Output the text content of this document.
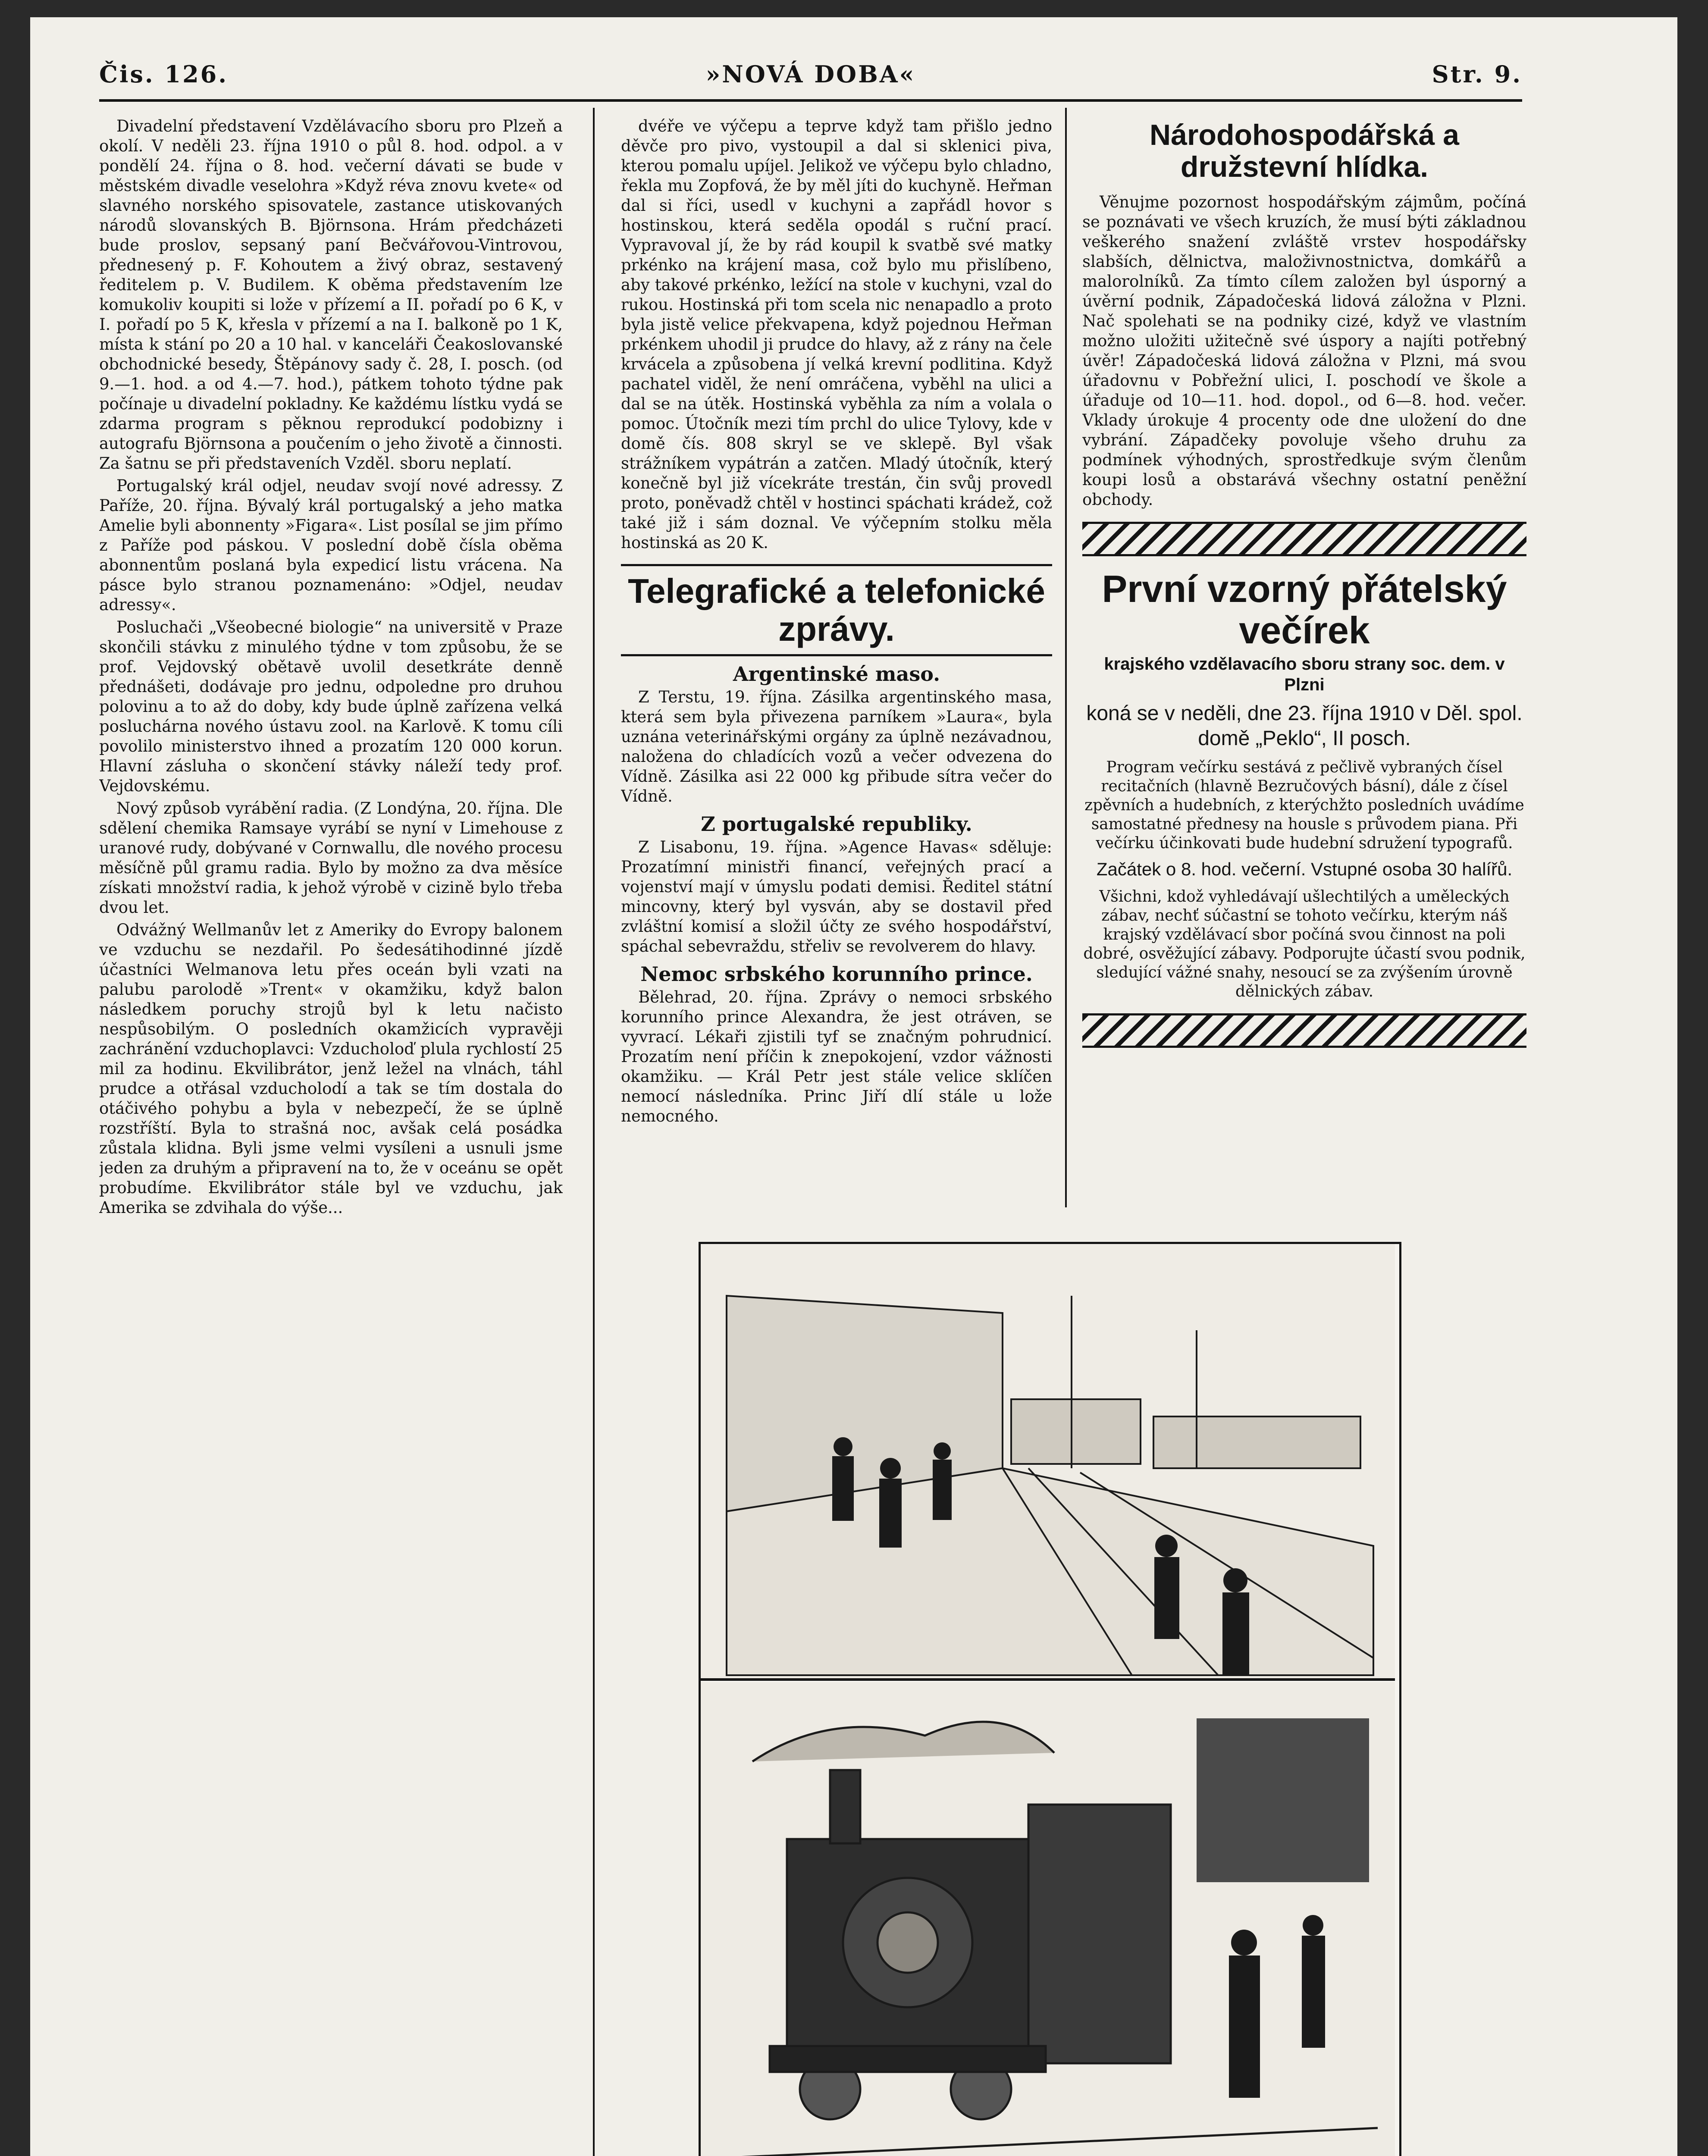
Čis. 126.	»NOVÁ DOBA«	Str. 9.

Divadelní představení Vzdělávacího sboru pro Plzeň a okolí. V neděli 23. října 1910 o půl 8. hod. odpol. a v pondělí 24. října o 8. hod. večerní dávati se bude v městském divadle veselohra »Když réva znovu kvete« od slavného norského spisovatele, zastance utiskovaných národů slovanských B. Björnsona. Hrám předcházeti bude proslov, sepsaný paní Bečvářovou-Vintrovou, přednesený p. F. Kohoutem a živý obraz, sestavený ředitelem p. V. Budilem. K oběma představením lze komukoliv koupiti si lože v přízemí a II. pořadí po 6 K, v I. pořadí po 5 K, křesla v přízemí a na I. balkoně po 1 K, místa k stání po 20 a 10 hal. v kanceláři Čeakoslovanské obchodnické besedy, Štěpánovy sady č. 28, I. posch. (od 9.—1. hod. a od 4.—7. hod.), pátkem tohoto týdne pak počínaje u divadelní pokladny. Ke každému lístku vydá se zdarma program s pěknou reprodukcí podobizny i autografu Björnsona a poučením o jeho životě a činnosti. Za šatnu se při představeních Vzděl. sboru neplatí.

Portugalský král odjel, neudav svojí nové adressy. Z Paříže, 20. října. Bývalý král portugalský a jeho matka Amelie byli abonnenty »Figara«. List posílal se jim přímo z Paříže pod páskou. V poslední době čísla oběma abonnentům poslaná byla expedicí listu vrácena. Na pásce bylo stranou poznamenáno: »Odjel, neudav adressy«.

Posluchači „Všeobecné biologie“ na universitě v Praze skončili stávku z minulého týdne v tom způsobu, že se prof. Vejdovský obětavě uvolil desetkráte denně přednášeti, dodávaje pro jednu, odpoledne pro druhou polovinu a to až do doby, kdy bude úplně zařízena velká posluchárna nového ústavu zool. na Karlově. K tomu cíli povolilo ministerstvo ihned a prozatím 120 000 korun. Hlavní zásluha o skončení stávky náleží tedy prof. Vejdovskému.

Nový způsob vyrábění radia. (Z Londýna, 20. října. Dle sdělení chemika Ramsaye vyrábí se nyní v Limehouse z uranové rudy, dobývané v Cornwallu, dle nového procesu měsíčně půl gramu radia. Bylo by možno za dva měsíce získati množství radia, k jehož výrobě v cizině bylo třeba dvou let.

Odvážný Wellmanův let z Ameriky do Evropy balonem ve vzduchu se nezdařil. Po šedesátihodinné jízdě účastníci Welmanova letu přes oceán byli vzati na palubu parolodě »Trent« v okamžiku, když balon následkem poruchy strojů byl k letu načisto nespůsobilým. O posledních okamžicích vypravěji zachránění vzduchoplavci: Vzducholoď plula rychlostí 25 mil za hodinu. Ekvilibrátor, jenž ležel na vlnách, táhl prudce a otřásal vzducholodí a tak se tím dostala do otáčivého pohybu a byla v nebezpečí, že se úplně rozstříští. Byla to strašná noc, avšak celá posádka zůstala klidna. Byli jsme velmi vysíleni a usnuli jsme jeden za druhým a připravení na to, že v oceánu se opět probudíme. Ekvilibrátor stále byl ve vzduchu, jak Amerika se zdvihala do výše...

dvéře ve výčepu a teprve když tam přišlo jedno děvče pro pivo, vystoupil a dal si sklenici piva, kterou pomalu upíjel. Jelikož ve výčepu bylo chladno, řekla mu Zopfová, že by měl jíti do kuchyně. Heřman dal si říci, usedl v kuchyni a zapřádl hovor s hostinskou, která seděla opodál s ruční prací. Vypravoval jí, že by rád koupil k svatbě své matky prkénko na krájení masa, což bylo mu přislíbeno, aby takové prkénko, ležící na stole v kuchyni, vzal do rukou. Hostinská při tom scela nic nenapadlo a proto byla jistě velice překvapena, když pojednou Heřman prkénkem uhodil ji prudce do hlavy, až z rány na čele krvácela a způsobena jí velká krevní podlitina. Když pachatel viděl, že není omráčena, vyběhl na ulici a dal se na útěk. Hostinská vyběhla za ním a volala o pomoc. Útočník mezi tím prchl do ulice Tylovy, kde v domě čís. 808 skryl se ve sklepě. Byl však strážníkem vypátrán a zatčen. Mladý útočník, který konečně byl již vícekráte trestán, čin svůj provedl proto, poněvadž chtěl v hostinci spáchati krádež, což také již i sám doznal. Ve výčepním stolku měla hostinská as 20 K.

Telegrafické a telefonické zprávy.
Argentinské maso.

Z Terstu, 19. října. Zásilka argentinského masa, která sem byla přivezena parníkem »Laura«, byla uznána veterinářskými orgány za úplně nezávadnou, naložena do chladících vozů a večer odvezena do Vídně. Zásilka asi 22 000 kg přibude sítra večer do Vídně.

Z portugalské republiky.

Z Lisabonu, 19. října. »Agence Havas« sděluje: Prozatímní ministři financí, veřejných prací a vojenství mají v úmyslu podati demisi. Ředitel státní mincovny, který byl vysván, aby se dostavil před zvláštní komisí a složil účty ze svého hospodářství, spáchal sebevraždu, střeliv se revolverem do hlavy.

Nemoc srbského korunního prince.

Bělehrad, 20. října. Zprávy o nemoci srbského korunního prince Alexandra, že jest otráven, se vyvrací. Lékaři zjistili tyf se značným pohrudnicí. Prozatím není příčin k znepokojení, vzdor vážnosti okamžiku. — Král Petr jest stále velice sklíčen nemocí následníka. Princ Jiří dlí stále u lože nemocného.

Národohospodářská a družstevní hlídka.

Věnujme pozornost hospodářským zájmům, počíná se poznávati ve všech kruzích, že musí býti základnou veškerého snažení zvláště vrstev hospodářsky slabších, dělnictva, maloživnostnictva, domkářů a malorolníků. Za tímto cílem založen byl úsporný a úvěrní podnik, Západočeská lidová záložna v Plzni. Nač spolehati se na podniky cizé, když ve vlastním možno uložiti užitečně své úspory a najíti potřebný úvěr! Západočeská lidová záložna v Plzni, má svou úřadovnu v Pobřežní ulici, I. poschodí ve škole a úřaduje od 10—11. hod. dopol., od 6—8. hod. večer. Vklady úrokuje 4 procenty ode dne uložení do dne vybrání. Západčeky povoluje všeho druhu za podmínek výhodných, sprostředkuje svým členům koupi losů a obstarává všechny ostatní peněžní obchody.

První vzorný přátelský večírek
krajského vzdělavacího sboru strany soc. dem. v Plzni
koná se v neděli, dne 23. října 1910 v Děl. spol. domě „Peklo“, II posch.
Program večírku sestává z pečlivě vybraných čísel recitačních (hlavně Bezručových básní), dále z čísel zpěvních a hudebních, z kterýchžto posledních uvádíme samostatné přednesy na housle s průvodem piana. Při večírku účinkovati bude hudební sdružení typografů.
Začátek o 8. hod. večerní. Vstupné osoba 30 halířů.
Všichni, kdož vyhledávají ušlechtilých a uměleckých zábav, nechť súčastní se tohoto večírku, kterým náš krajský vzdělávací sbor počíná svou činnost na poli dobré, osvěžující zábavy. Podporujte účastí svou podnik, sledující vážné snahy, nesoucí se za zvýšením úrovně dělnických zábav.
